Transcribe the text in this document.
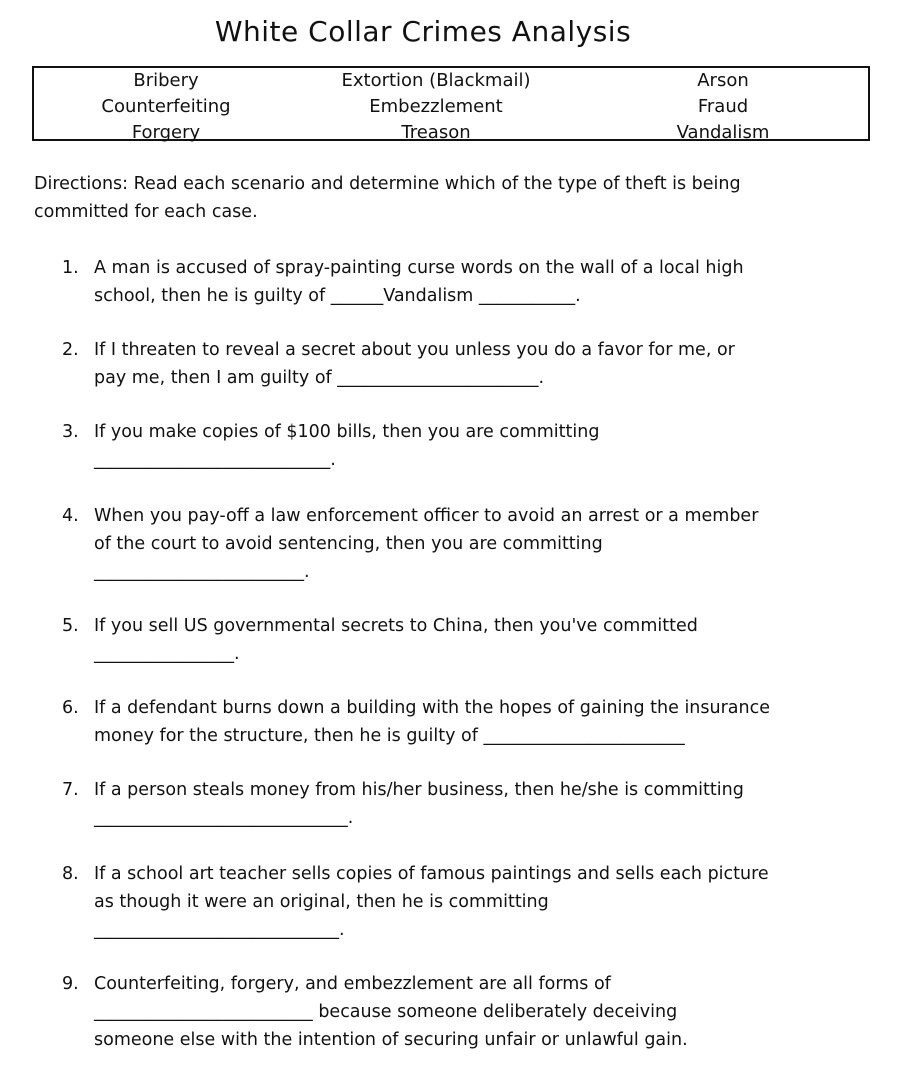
White Collar Crimes Analysis
Bribery	Extortion (Blackmail)	Arson
Counterfeiting	Embezzlement	Fraud
Forgery	Treason	Vandalism
Directions: Read each scenario and determine which of the type of theft is being
committed for each case.
1. A man is accused of spray-painting curse words on the wall of a local high
school, then he is guilty of ______Vandalism ___________.
2. If I threaten to reveal a secret about you unless you do a favor for me, or
pay me, then I am guilty of _______________________.
3. If you make copies of $100 bills, then you are committing
___________________________.
4. When you pay-off a law enforcement officer to avoid an arrest or a member
of the court to avoid sentencing, then you are committing
________________________.
5. If you sell US governmental secrets to China, then you've committed
________________.
6. If a defendant burns down a building with the hopes of gaining the insurance
money for the structure, then he is guilty of _______________________
7. If a person steals money from his/her business, then he/she is committing
_____________________________.
8. If a school art teacher sells copies of famous paintings and sells each picture
as though it were an original, then he is committing
____________________________.
9. Counterfeiting, forgery, and embezzlement are all forms of
_________________________ because someone deliberately deceiving
someone else with the intention of securing unfair or unlawful gain.
